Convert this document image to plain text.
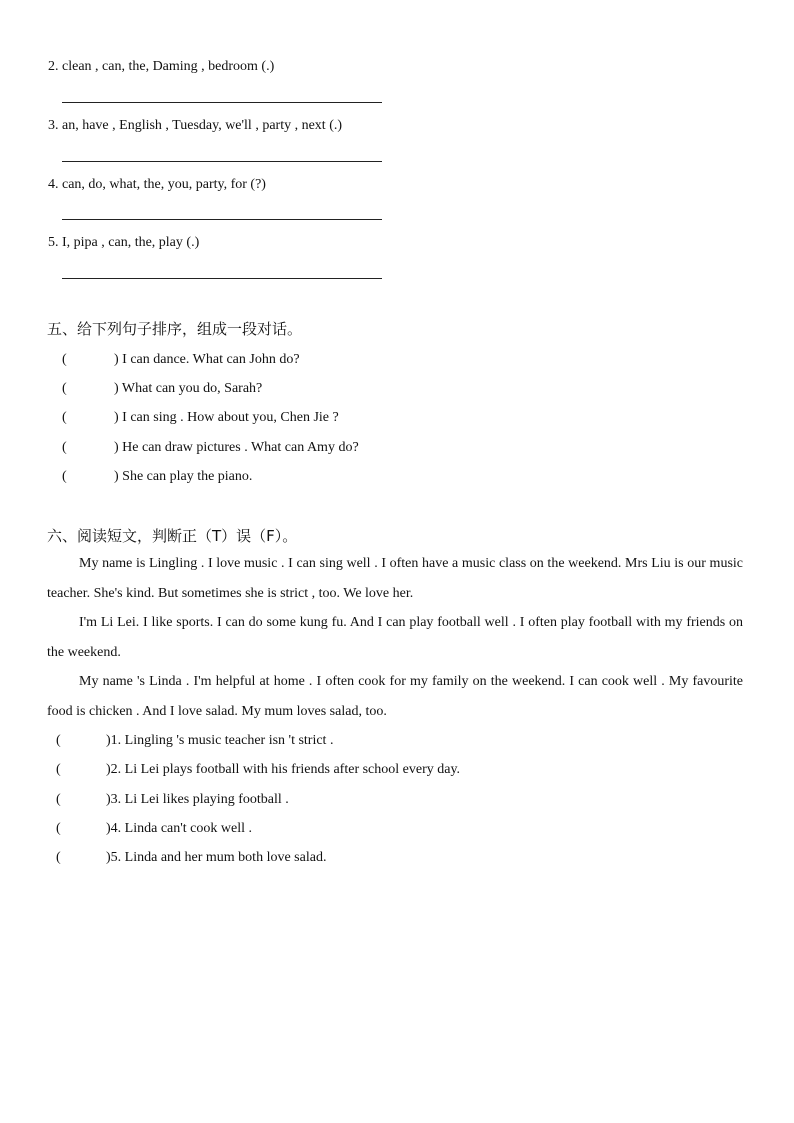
2. clean , can, the, Daming , bedroom (.)
3. an, have , English , Tuesday, we'll , party , next (.)
4. can, do, what, the, you, party, for (?)
5. I, pipa , can, the, play (.)
五、给下列句子排序，组成一段对话。
(	) I can dance. What can John do?
(	) What can you do, Sarah?
(	) I can sing . How about you, Chen Jie ?
(	) He can draw pictures . What can Amy do?
(	) She can play the piano.
六、阅读短文，判断正（T）误（F）。
My name is Lingling . I love music . I can sing well . I often have a music class on the weekend. Mrs Liu is our music teacher. She's kind. But sometimes she is strict , too. We love her.
I'm Li Lei. I like sports. I can do some kung fu. And I can play football well . I often play football with my friends on the weekend.
My name 's Linda . I'm helpful at home . I often cook for my family on the weekend. I can cook well . My favourite food is chicken . And I love salad. My mum loves salad, too.
(	)1. Lingling 's music teacher isn 't strict .
(	)2. Li Lei plays football with his friends after school every day.
(	)3. Li Lei likes playing football .
(	)4. Linda can't cook well .
(	)5. Linda and her mum both love salad.
